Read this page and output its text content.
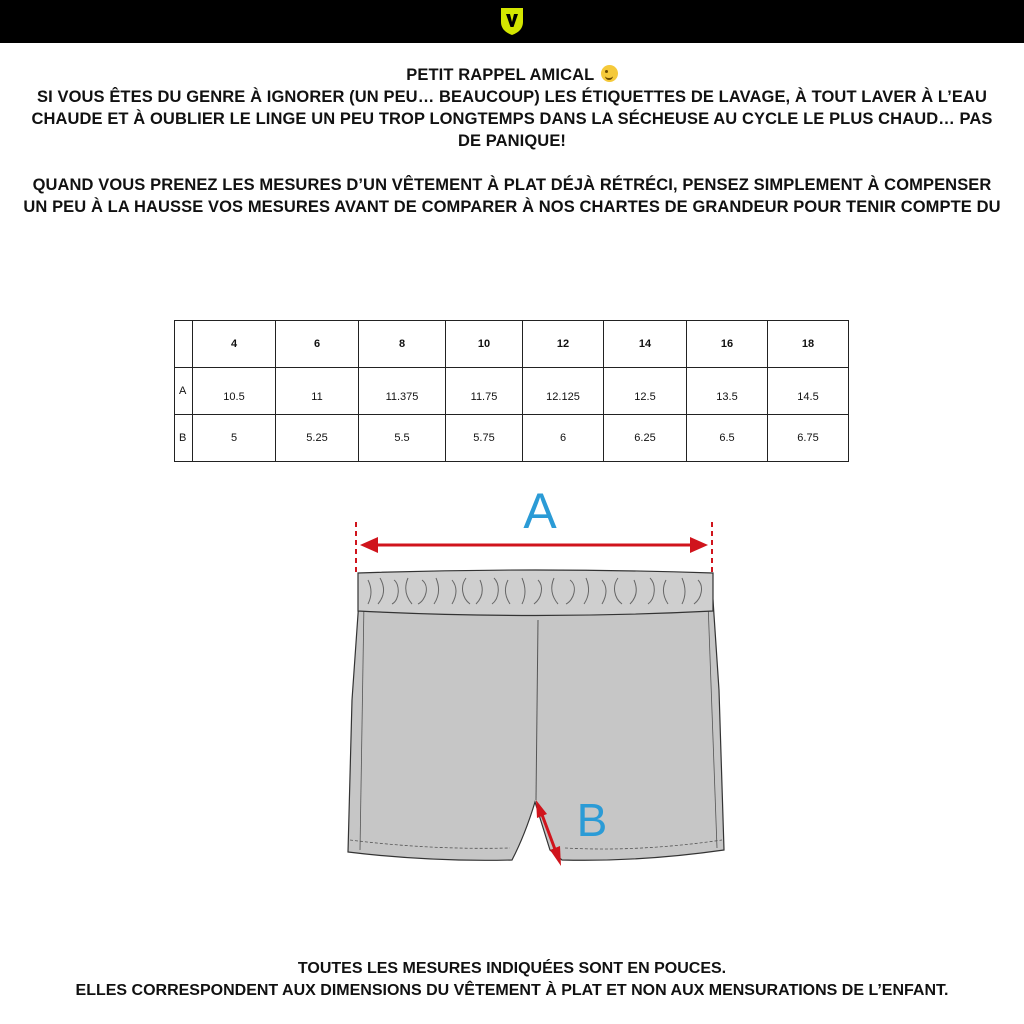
PETIT RAPPEL AMICAL

SI VOUS ÊTES DU GENRE À IGNORER (UN PEU… BEAUCOUP) LES ÉTIQUETTES DE LAVAGE, À TOUT LAVER À L’EAU CHAUDE ET À OUBLIER LE LINGE UN PEU TROP LONGTEMPS DANS LA SÉCHEUSE AU CYCLE LE PLUS CHAUD… PAS DE PANIQUE!

QUAND VOUS PRENEZ LES MESURES D’UN VÊTEMENT À PLAT DÉJÀ RÉTRÉCI, PENSEZ SIMPLEMENT À COMPENSER UN PEU À LA HAUSSE VOS MESURES AVANT DE COMPARER À NOS CHARTES DE GRANDEUR POUR TENIR COMPTE DU

	4	6	8	10	12	14	16	18
A	10.5	11	11.375	11.75	12.125	12.5	13.5	14.5
B	5	5.25	5.5	5.75	6	6.25	6.5	6.75
A
B

TOUTES LES MESURES INDIQUÉES SONT EN POUCES.

ELLES CORRESPONDENT AUX DIMENSIONS DU VÊTEMENT À PLAT ET NON AUX MENSURATIONS DE L’ENFANT.
